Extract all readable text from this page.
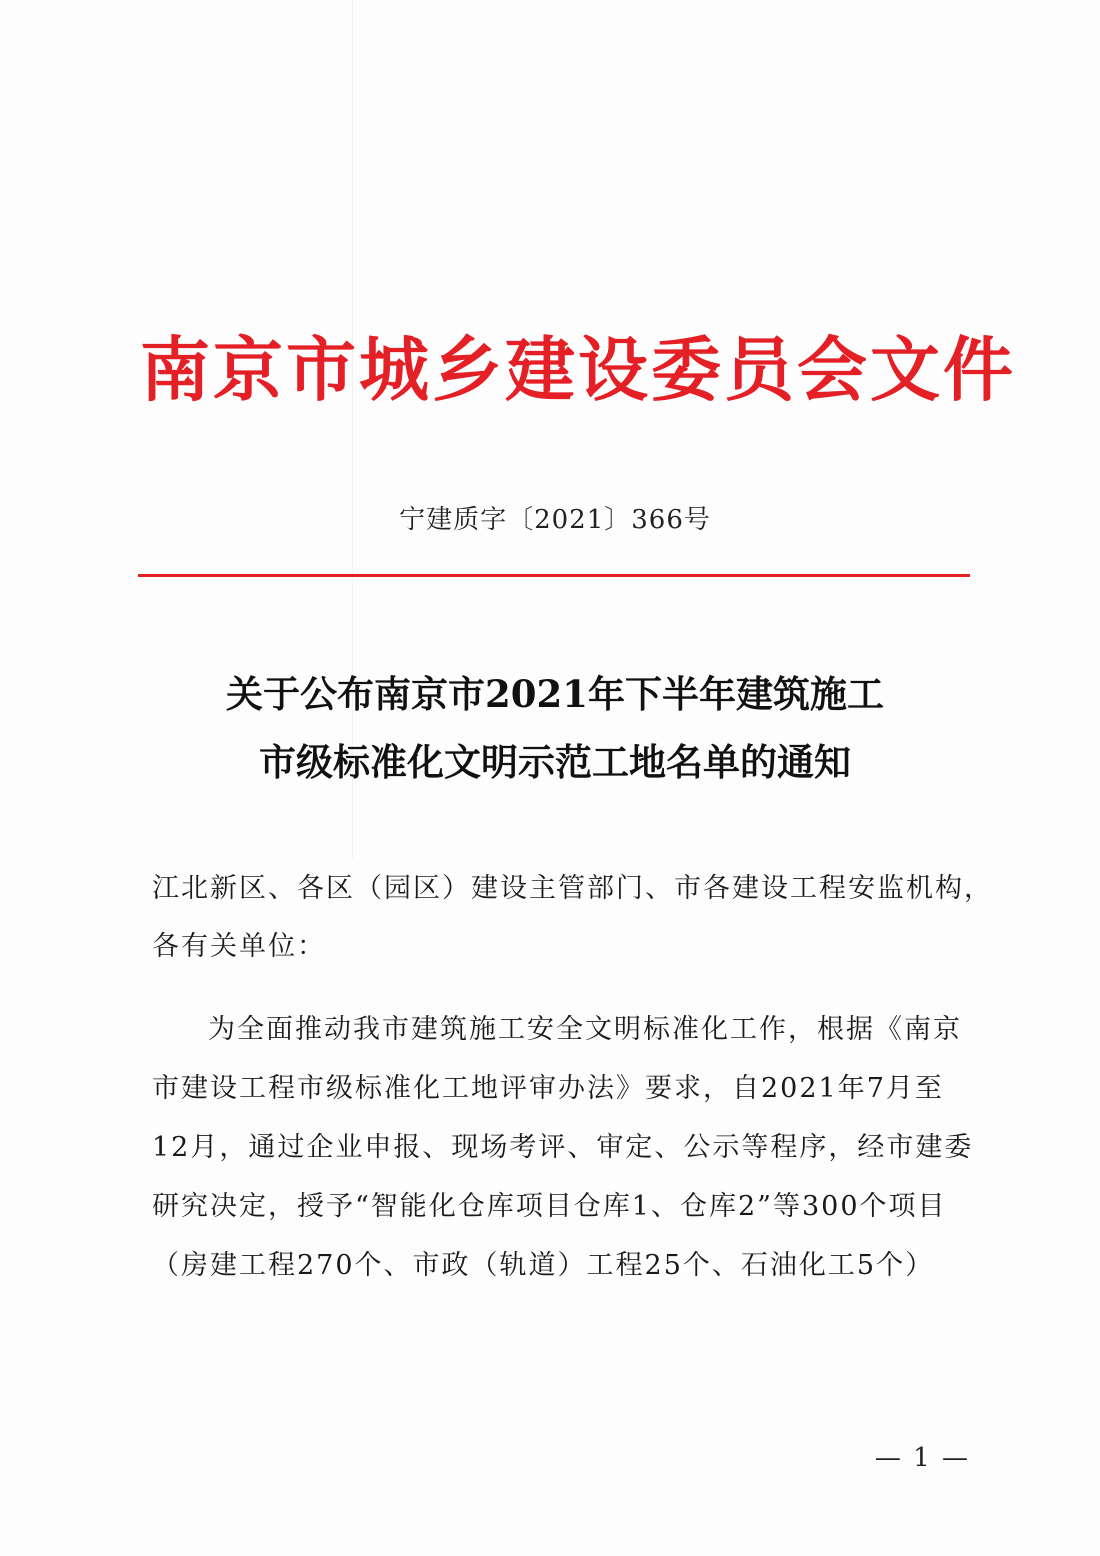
南京市城乡建设委员会文件
宁建质字〔2021〕366号
关于公布南京市2021年下半年建筑施工
市级标准化文明示范工地名单的通知
江北新区、各区（园区）建设主管部门、市各建设工程安监机构，
各有关单位：
为全面推动我市建筑施工安全文明标准化工作，根据《南京
市建设工程市级标准化工地评审办法》要求，自2021年7月至
12月，通过企业申报、现场考评、审定、公示等程序，经市建委
研究决定，授予“智能化仓库项目仓库1、仓库2”等300个项目
（房建工程270个、市政（轨道）工程25个、石油化工5个）
— 1 —
